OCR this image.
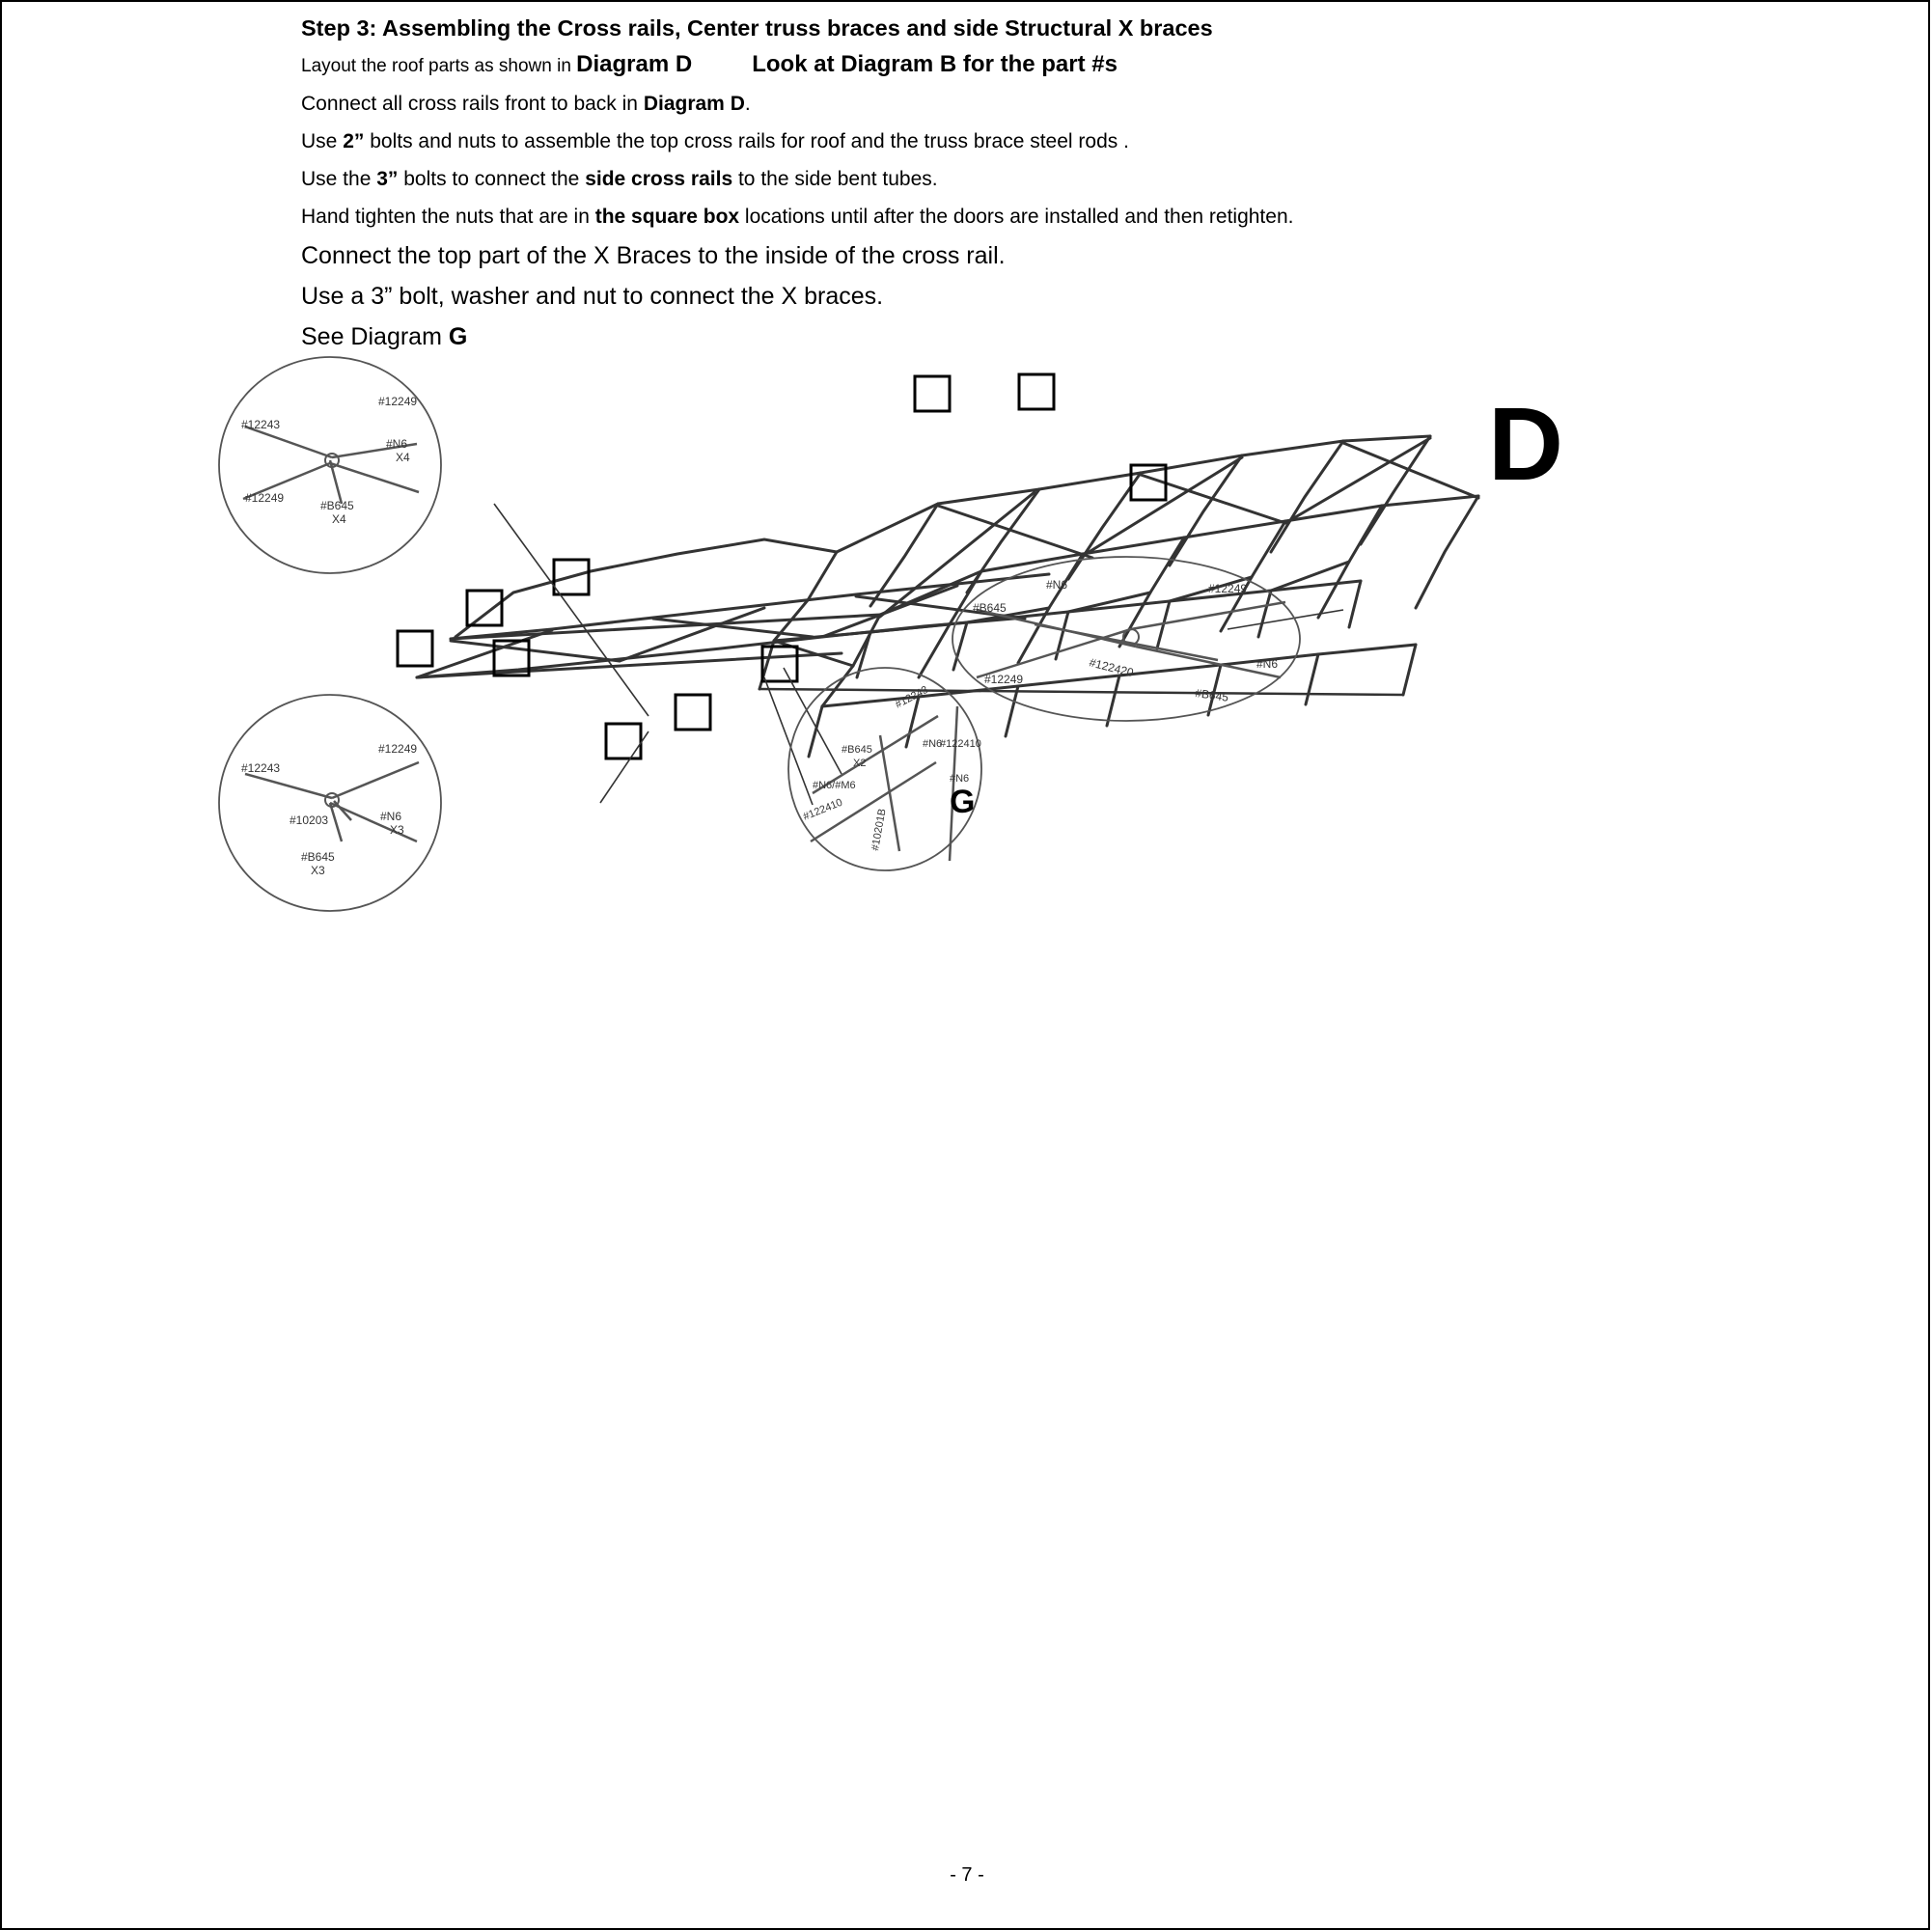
Step 3: Assembling the Cross rails, Center truss braces and side Structural X braces
Layout the roof parts as shown in Diagram D	Look at Diagram B for the part #s
Connect all cross rails front to back in Diagram D.
Use 2” bolts and nuts to assemble the top cross rails for roof and the truss brace steel rods .
Use the 3” bolts to connect the side cross rails to the side bent tubes.
Hand tighten the nuts that are in the square box locations until after the doors are installed and then retighten.
Connect the top part of the X Braces to the inside of the cross rail.
Use a 3” bolt, washer and nut to connect the X braces.
See Diagram G
D
#12249
#12243
#N6
X4
#12249
#B645
X4
#12243
#12249
#10203	#N6
X3
#B645
X3
#12243
#B645
X2
#N6
#122410
#N6/#M6
#N6
#122410 #10201B
G
#N6	#12249
#B645
#122420	#N6
#12249
#B645
- 7 -
